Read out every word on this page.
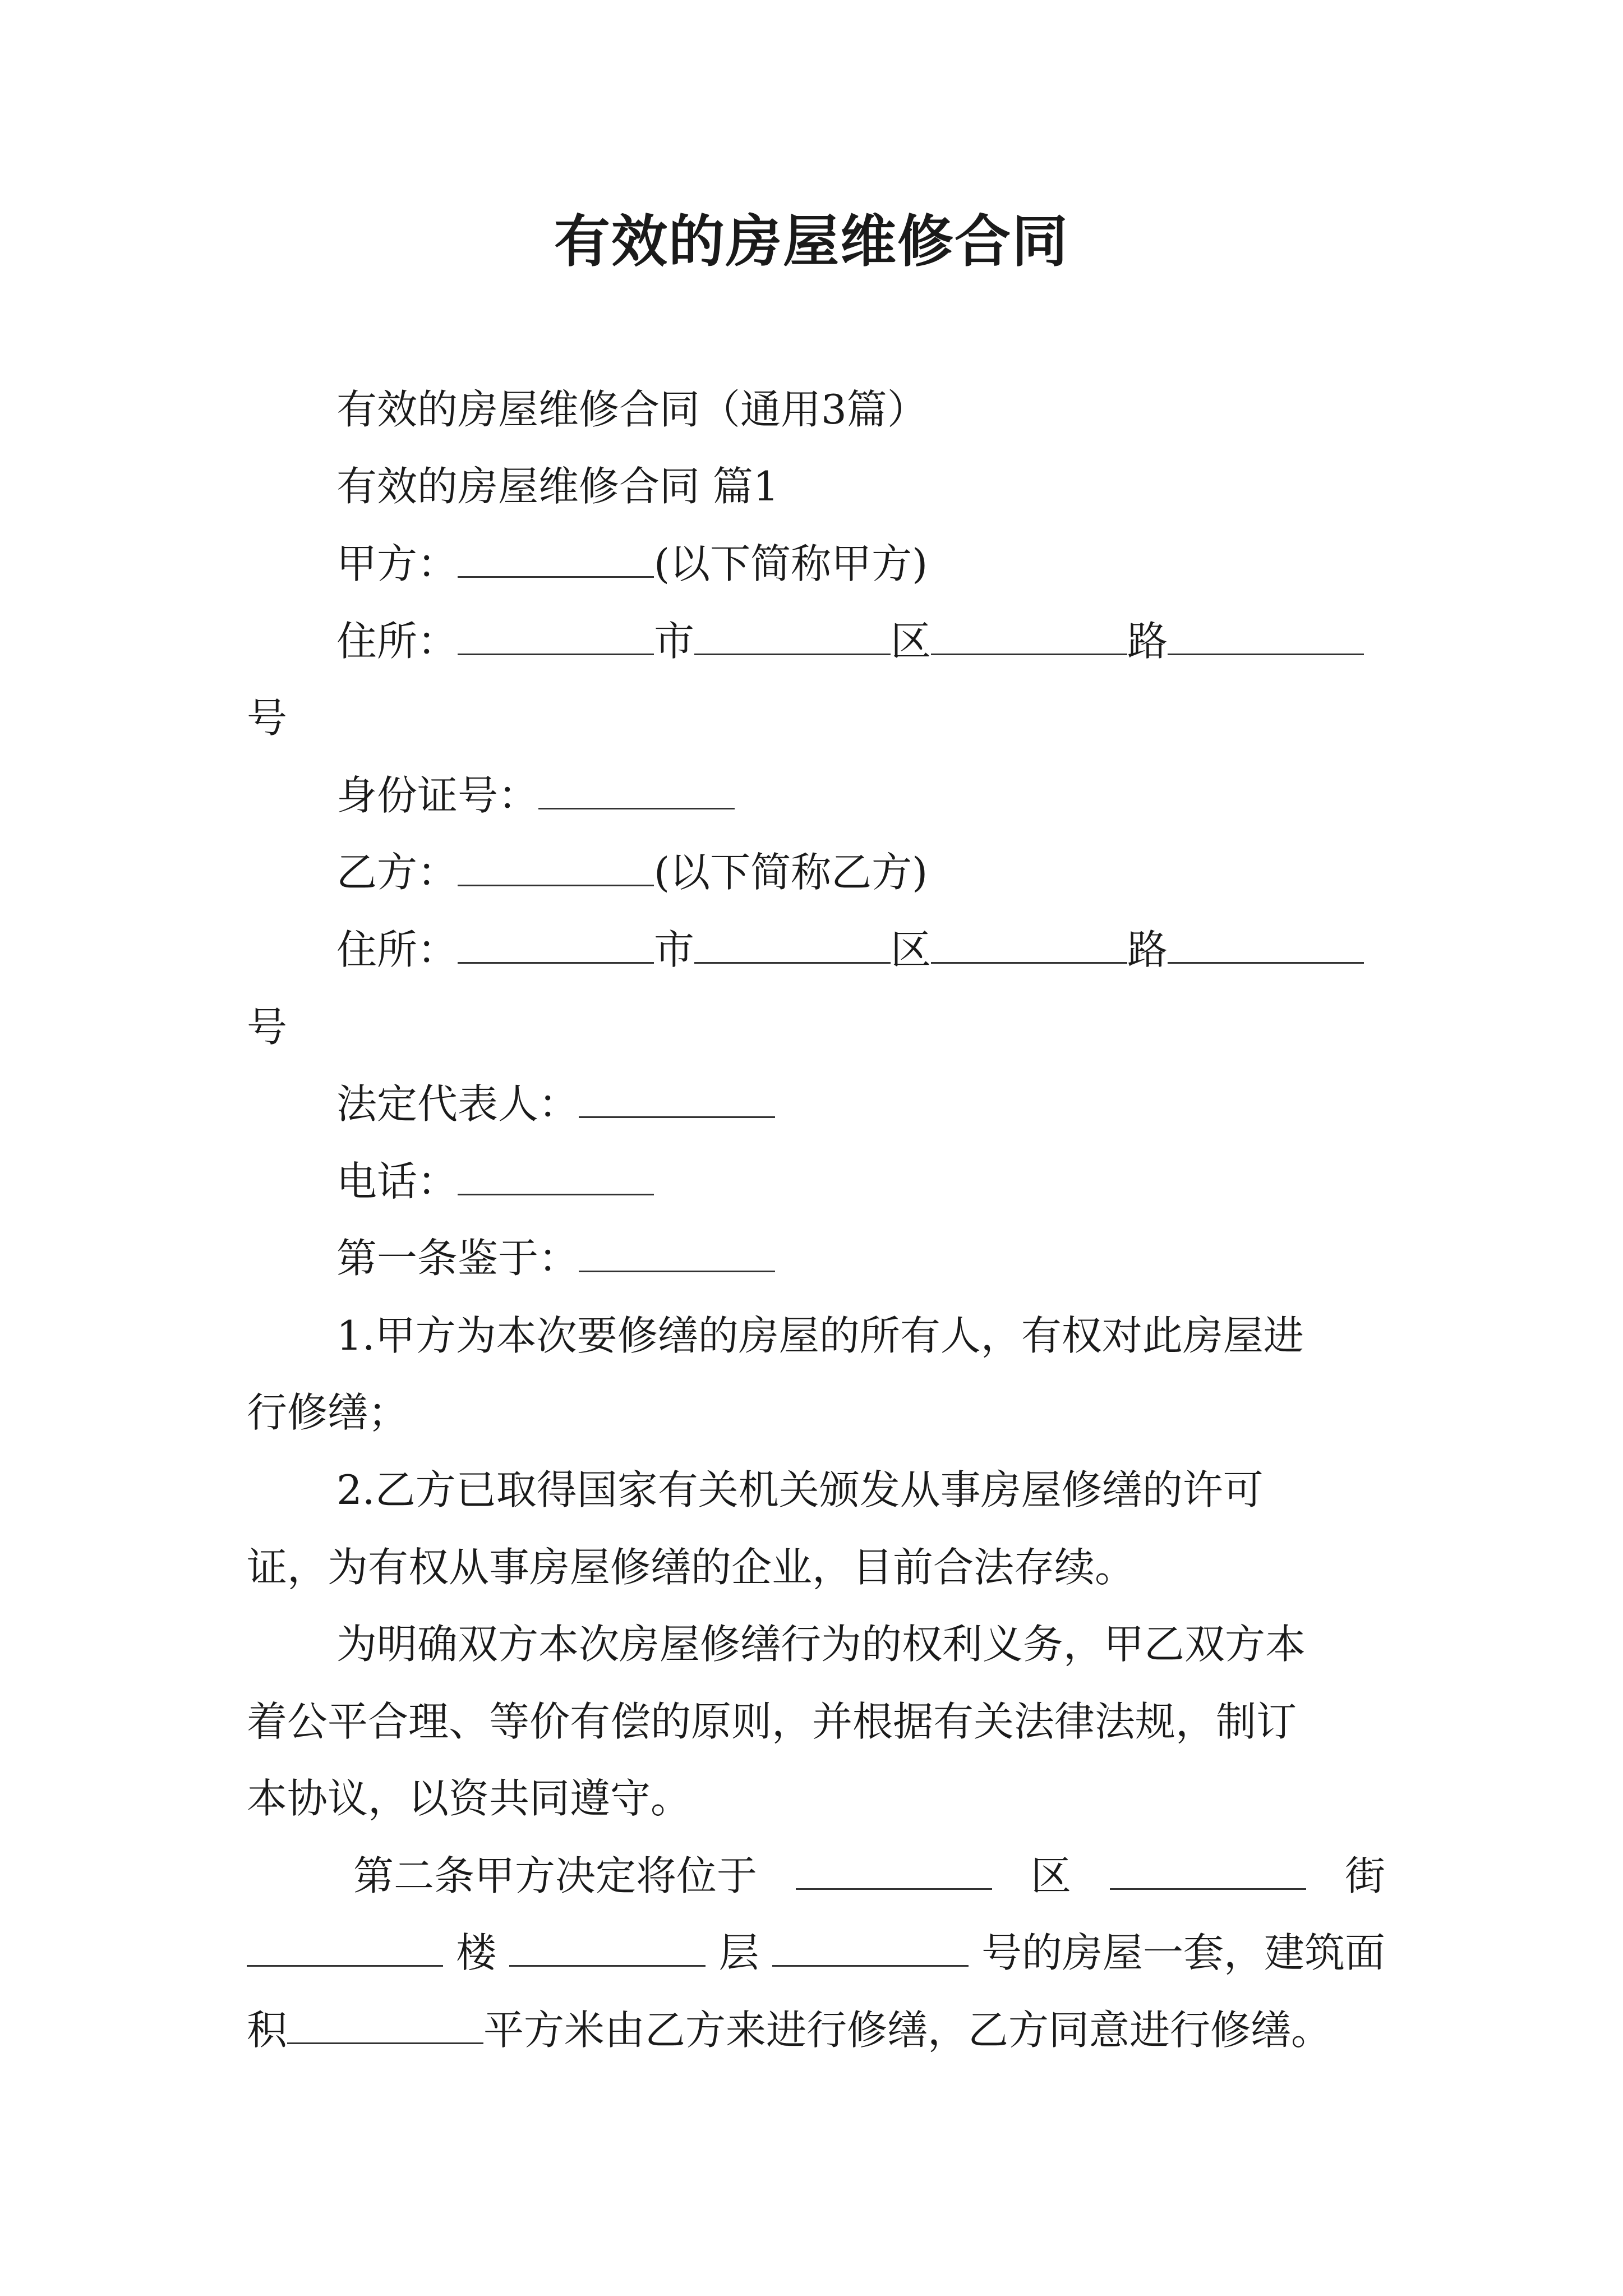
有效的房屋维修合同
有效的房屋维修合同（通用3篇）
有效的房屋维修合同 篇1
甲方：	(以下简称甲方)
住所：	市	区	路
号
身份证号：
乙方：	(以下简称乙方)
住所：	市	区	路
号
法定代表人：
电话：
第一条鉴于：
1.甲方为本次要修缮的房屋的所有人，有权对此房屋进
行修缮；
2.乙方已取得国家有关机关颁发从事房屋修缮的许可
证，为有权从事房屋修缮的企业，目前合法存续。
为明确双方本次房屋修缮行为的权利义务，甲乙双方本
着公平合理、等价有偿的原则，并根据有关法律法规，制订
本协议，以资共同遵守。
第二条甲方决定将位于	区	街
楼	层	号的房屋一套，建筑面
积	平方米由乙方来进行修缮，乙方同意进行修缮。
